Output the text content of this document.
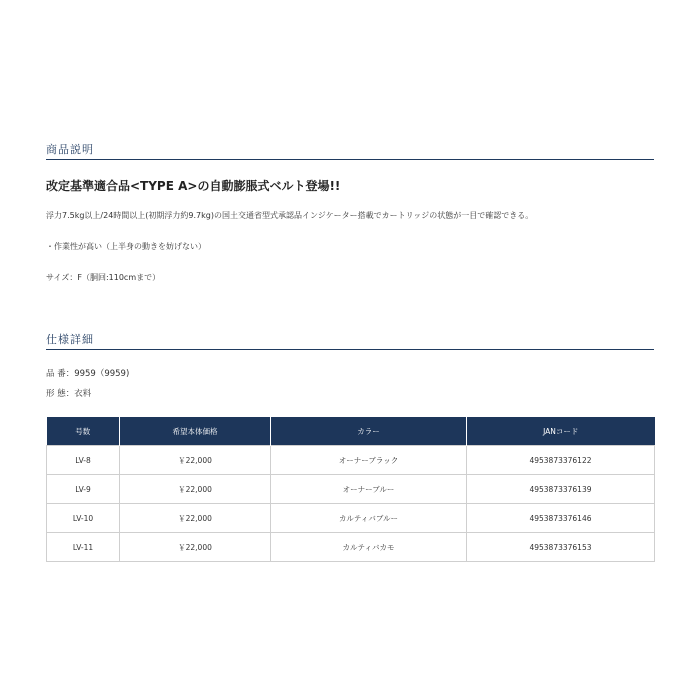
商品説明
改定基準適合品<TYPE A>の自動膨脹式ベルト登場!!
浮力7.5kg以上/24時間以上(初期浮力約9.7kg)の国土交通省型式承認品インジケーター搭載でカートリッジの状態が一目で確認できる。
・作業性が高い（上半身の動きを妨げない）
サイズ：F（胴回:110cmまで）
仕様詳細
品 番：9959（9959)
形 態：衣料
号数	希望本体価格	カラー	JANコード
LV-8	￥22,000	オーナーブラック	4953873376122
LV-9	￥22,000	オーナーブルー	4953873376139
LV-10	￥22,000	カルティバブルー	4953873376146
LV-11	￥22,000	カルティバカモ	4953873376153
